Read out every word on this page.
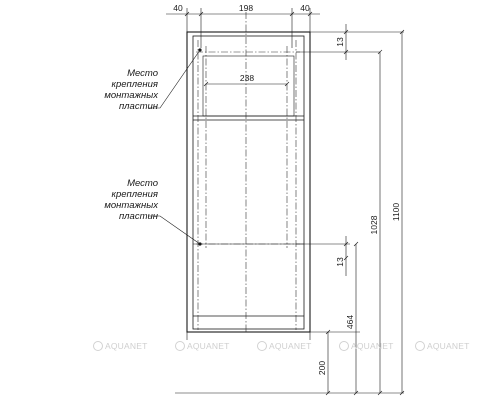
40	198	40
238
13
1028
1100
13
464
200
Место
крепления
монтажных
пластин
Место
крепления
монтажных
пластин
AQUANET	AQUANET	AQUANET	AQUANET	AQUANET
